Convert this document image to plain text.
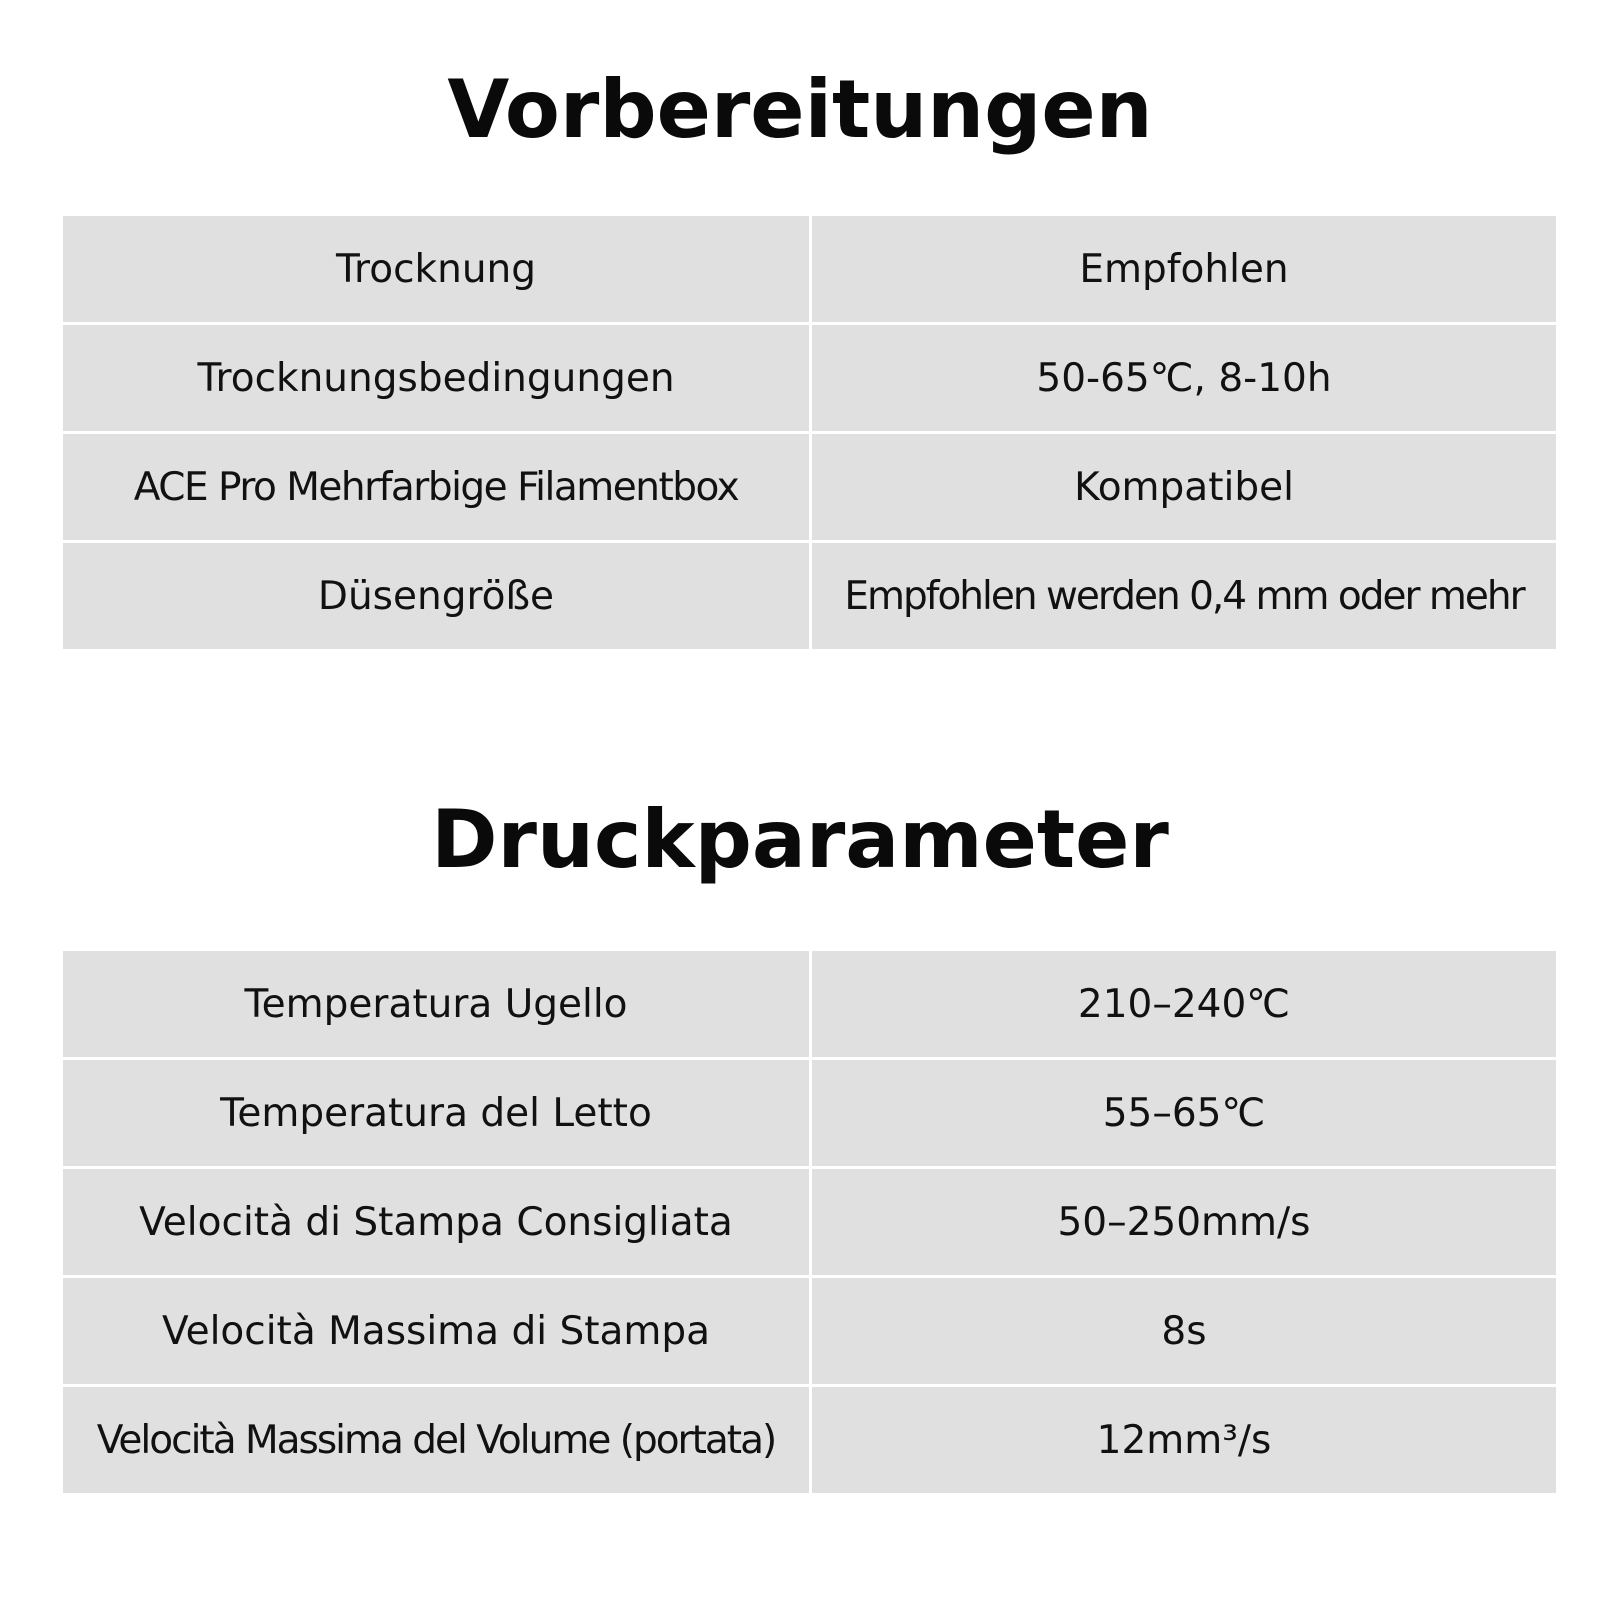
Vorbereitungen
Trocknung	Empfohlen
Trocknungsbedingungen	50-65℃, 8-10h
ACE Pro Mehrfarbige Filamentbox	Kompatibel
Düsengröße	Empfohlen werden 0,4 mm oder mehr
Druckparameter
Temperatura Ugello	210–240℃
Temperatura del Letto	55–65℃
Velocità di Stampa Consigliata	50–250mm/s
Velocità Massima di Stampa	8s
Velocità Massima del Volume (portata)	12mm³/s
